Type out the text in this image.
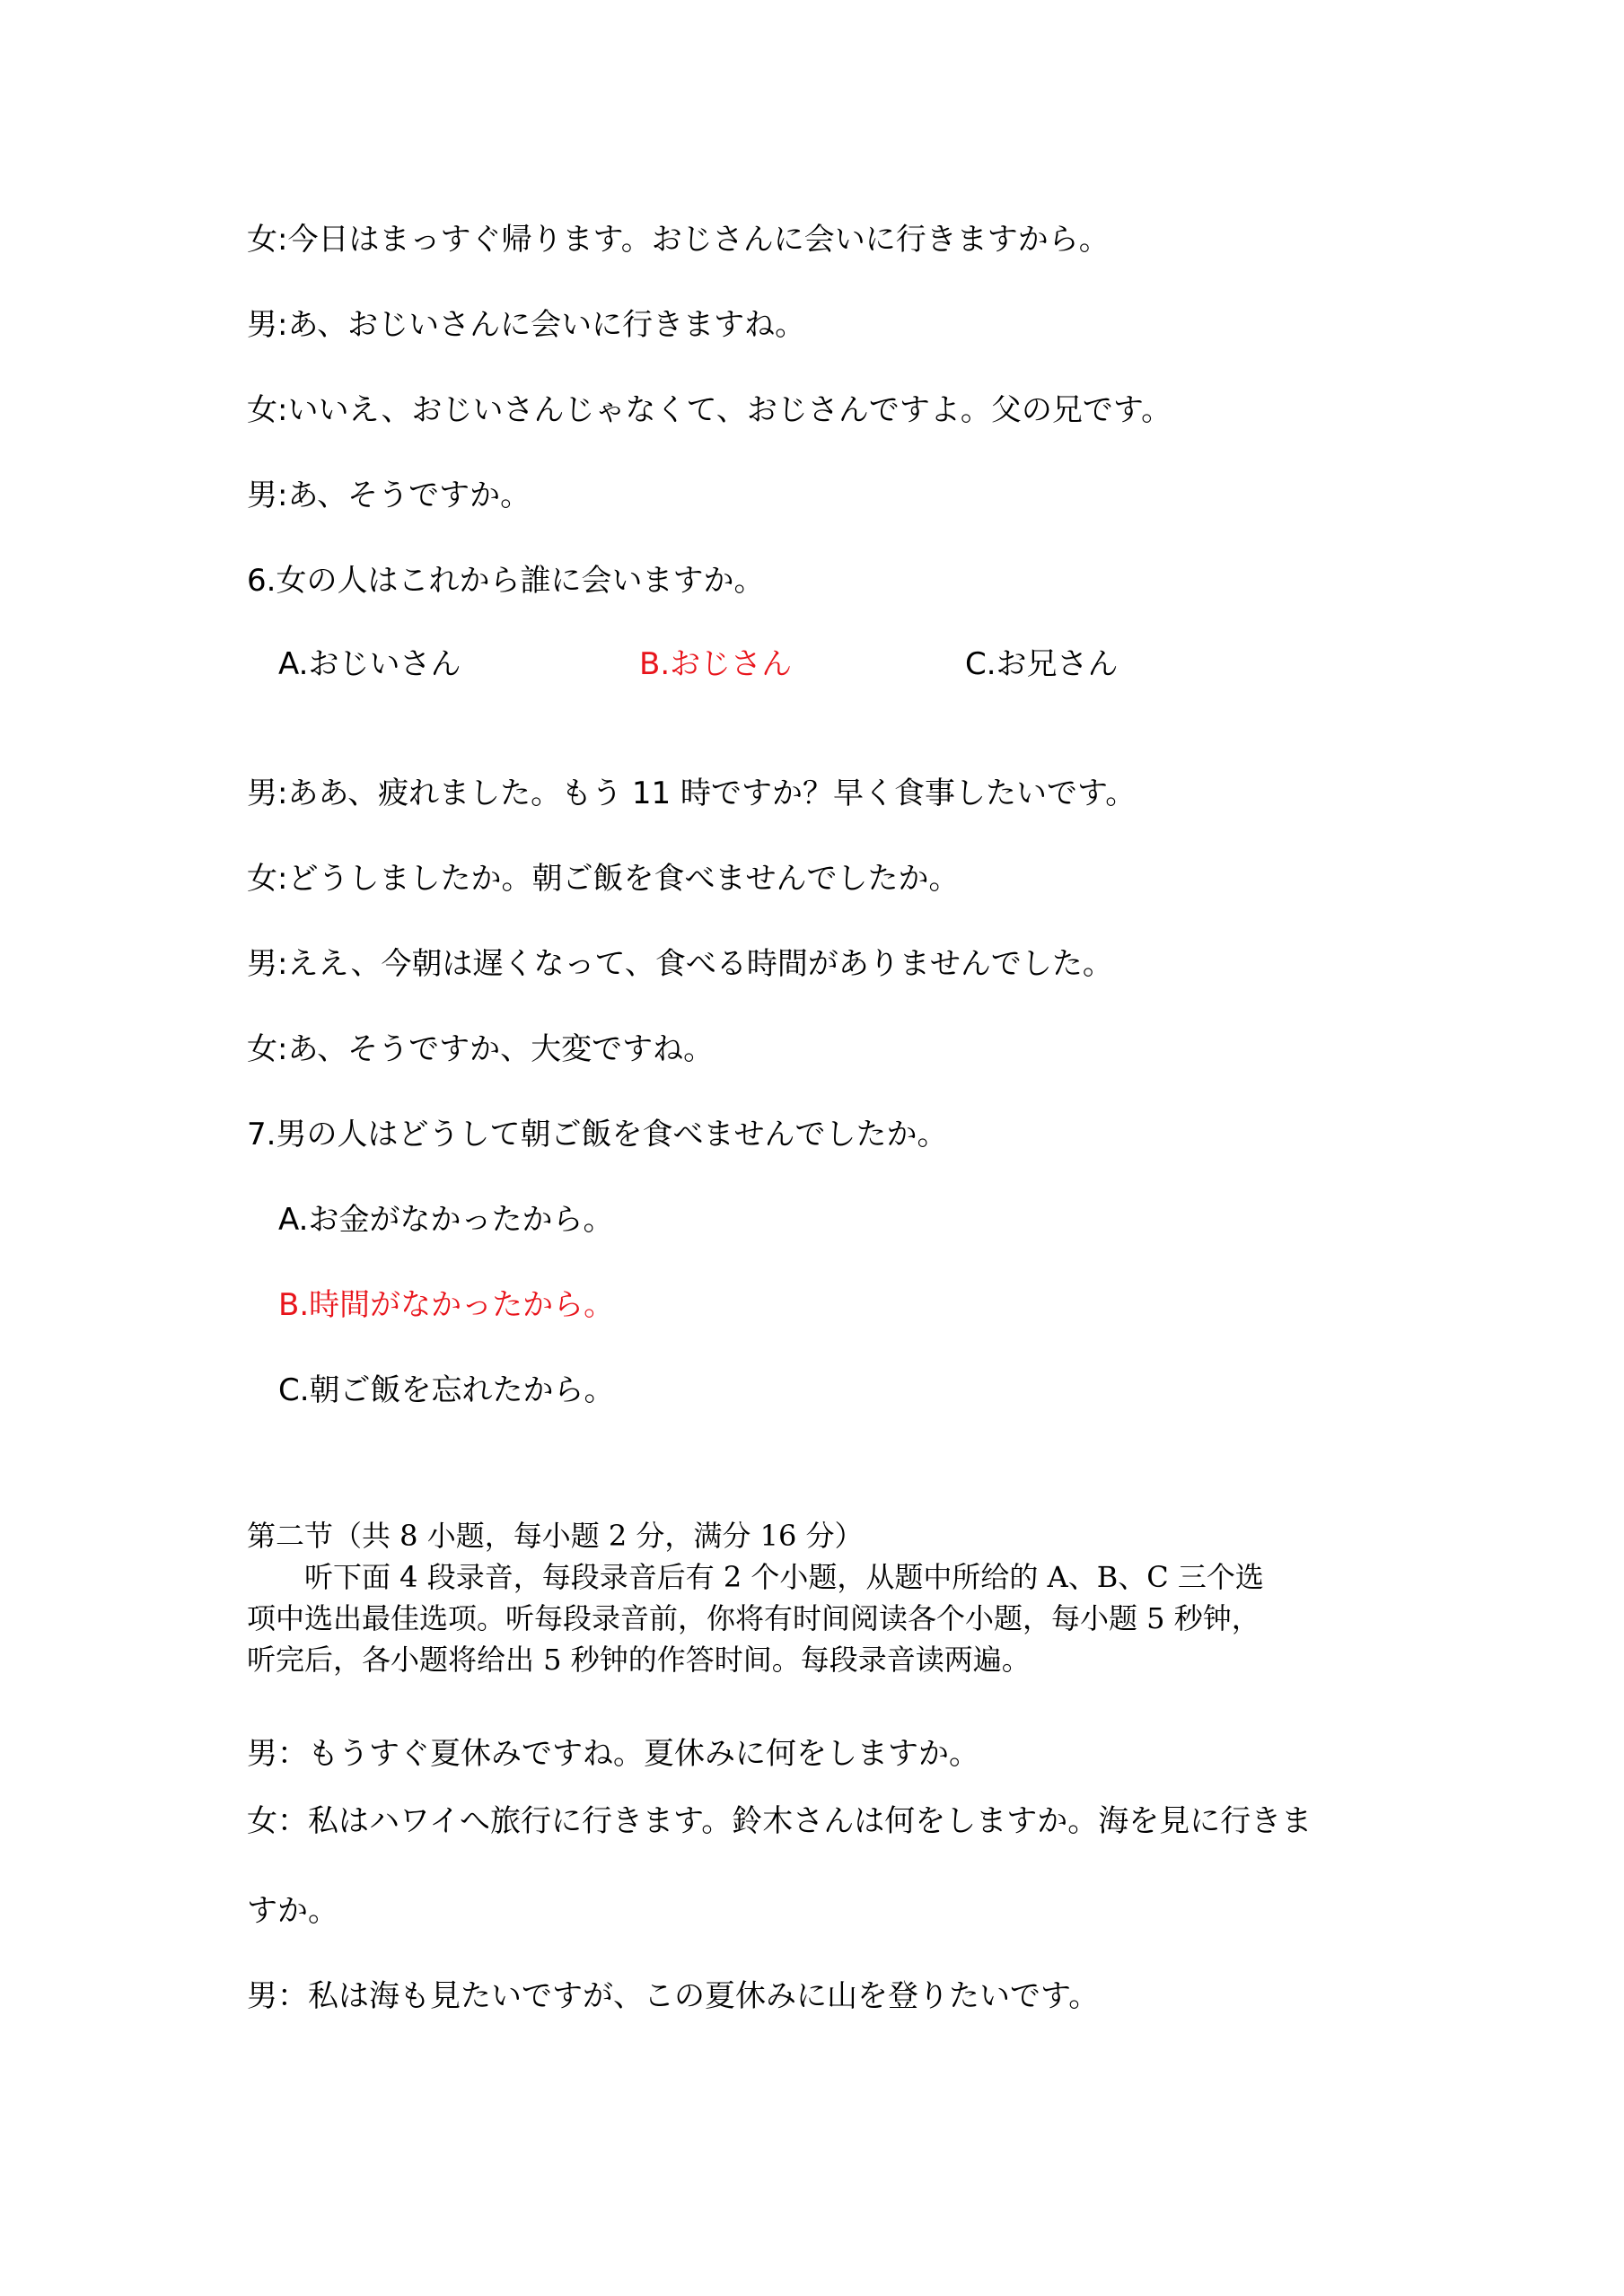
女:今日はまっすぐ帰ります。おじさんに会いに行きますから。
男:あ、おじいさんに会いに行きますね。
女:いいえ、おじいさんじゃなくて、おじさんですよ。父の兄です。
男:あ、そうですか。
6.女の人はこれから誰に会いますか。
A.おじいさん	B.おじさん	C.お兄さん
男:ああ、疲れました。もう 11 時ですか？早く食事したいです。
女:どうしましたか。朝ご飯を食べませんでしたか。
男:ええ、今朝は遅くなって、食べる時間がありませんでした。
女:あ、そうですか、大変ですね。
7.男の人はどうして朝ご飯を食べませんでしたか。
A.お金がなかったから。
B.時間がなかったから。
C.朝ご飯を忘れたから。
第二节（共 8 小题，每小题 2 分，满分 16 分）
　　听下面 4 段录音，每段录音后有 2 个小题，从题中所给的 A、B、C 三个选
项中选出最佳选项。听每段录音前，你将有时间阅读各个小题，每小题 5 秒钟，
听完后，各小题将给出 5 秒钟的作答时间。每段录音读两遍。
男：もうすぐ夏休みですね。夏休みに何をしますか。
女：私はハワイへ旅行に行きます。鈴木さんは何をしますか。海を見に行きま
すか。
男：私は海も見たいですが、この夏休みに山を登りたいです。
